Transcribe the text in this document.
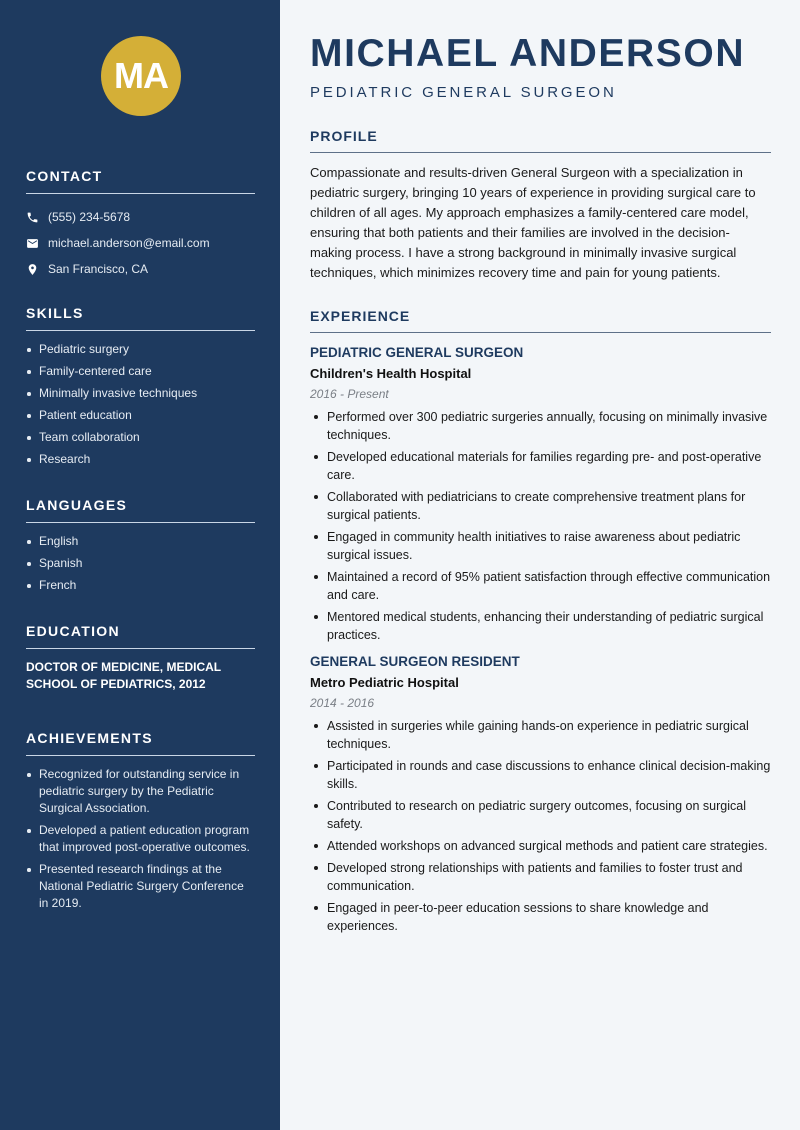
MA
CONTACT
(555) 234-5678
michael.anderson@email.com
San Francisco, CA
SKILLS
Pediatric surgery
Family-centered care
Minimally invasive techniques
Patient education
Team collaboration
Research
LANGUAGES
English
Spanish
French
EDUCATION

DOCTOR OF MEDICINE, MEDICAL SCHOOL OF PEDIATRICS, 2012

ACHIEVEMENTS
Recognized for outstanding service in pediatric surgery by the Pediatric Surgical Association.
Developed a patient education program that improved post-operative outcomes.
Presented research findings at the National Pediatric Surgery Conference in 2019.
MICHAEL ANDERSON
PEDIATRIC GENERAL SURGEON
PROFILE

Compassionate and results-driven General Surgeon with a specialization in pediatric surgery, bringing 10 years of experience in providing surgical care to children of all ages. My approach emphasizes a family-centered care model, ensuring that both patients and their families are involved in the decision-making process. I have a strong background in minimally invasive surgical techniques, which minimizes recovery time and pain for young patients.

EXPERIENCE
PEDIATRIC GENERAL SURGEON
Children's Health Hospital
2016 - Present
Performed over 300 pediatric surgeries annually, focusing on minimally invasive techniques.
Developed educational materials for families regarding pre- and post-operative care.
Collaborated with pediatricians to create comprehensive treatment plans for surgical patients.
Engaged in community health initiatives to raise awareness about pediatric surgical issues.
Maintained a record of 95% patient satisfaction through effective communication and care.
Mentored medical students, enhancing their understanding of pediatric surgical practices.
GENERAL SURGEON RESIDENT
Metro Pediatric Hospital
2014 - 2016
Assisted in surgeries while gaining hands-on experience in pediatric surgical techniques.
Participated in rounds and case discussions to enhance clinical decision-making skills.
Contributed to research on pediatric surgery outcomes, focusing on surgical safety.
Attended workshops on advanced surgical methods and patient care strategies.
Developed strong relationships with patients and families to foster trust and communication.
Engaged in peer-to-peer education sessions to share knowledge and experiences.
